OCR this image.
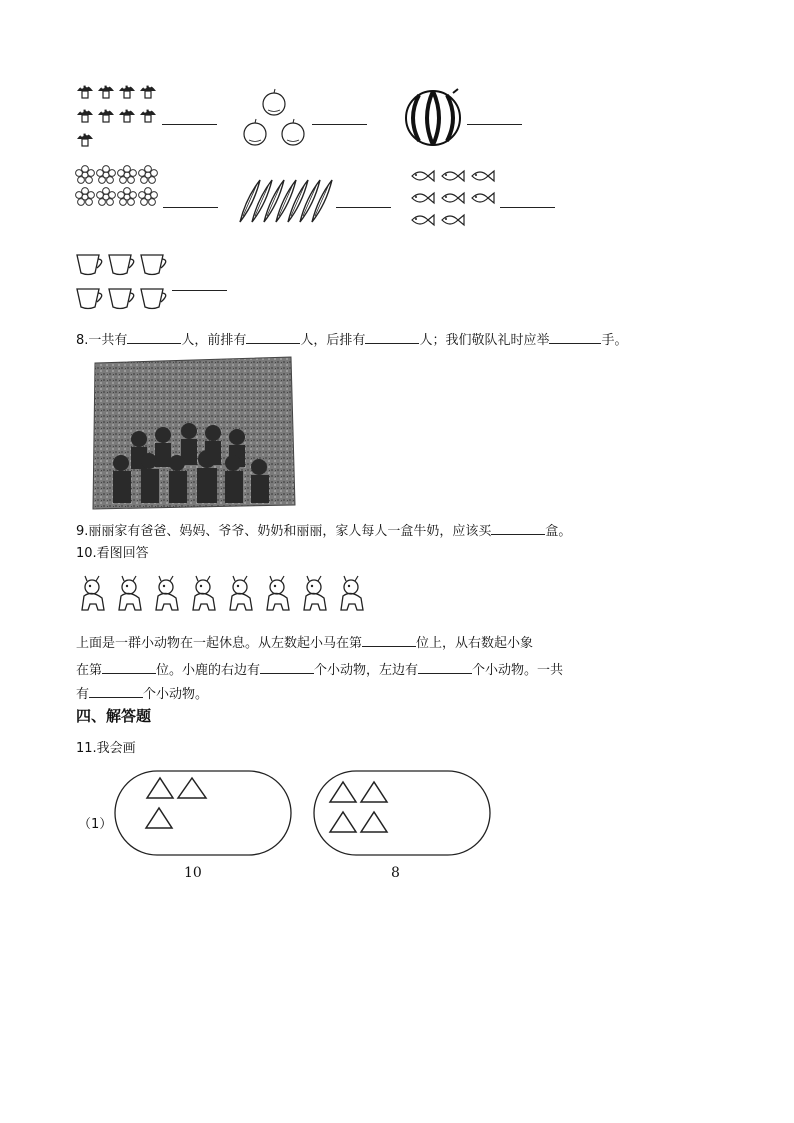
8.一共有	人，前排有	人，后排有	人；我们敬队礼时应举	手。
9.丽丽家有爸爸、妈妈、爷爷、奶奶和丽丽，家人每人一盒牛奶，应该买	盒。
10.看图回答
上面是一群小动物在一起休息。从左数起小马在第	位上，从右数起小象
在第	位。小鹿的右边有	个小动物，左边有	个小动物。一共
有	个小动物。
四、解答题
11.我会画
（1）
10	8
